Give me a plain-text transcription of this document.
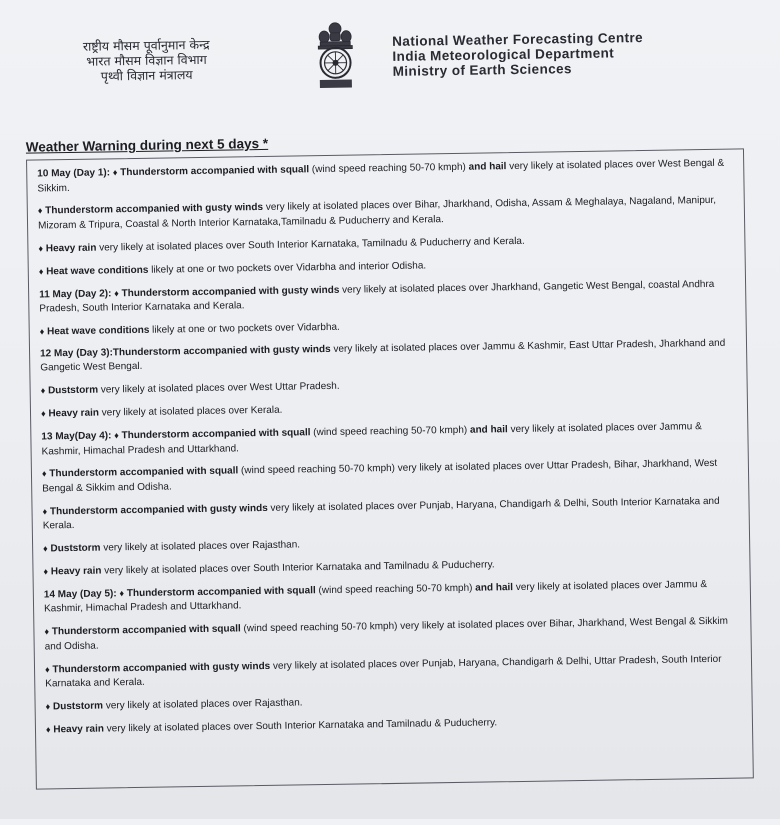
राष्ट्रीय मौसम पूर्वानुमान केन्द्र
भारत मौसम विज्ञान विभाग
पृथ्वी विज्ञान मंत्रालय
National Weather Forecasting Centre
India Meteorological Department
Ministry of Earth Sciences
Weather Warning during next 5 days *

10 May (Day 1): ♦ Thunderstorm accompanied with squall (wind speed reaching 50-70 kmph) and hail very likely at isolated places over West Bengal & Sikkim.

♦ Thunderstorm accompanied with gusty winds very likely at isolated places over Bihar, Jharkhand, Odisha, Assam & Meghalaya, Nagaland, Manipur, Mizoram & Tripura, Coastal & North Interior Karnataka,Tamilnadu & Puducherry and Kerala.

♦ Heavy rain very likely at isolated places over South Interior Karnataka, Tamilnadu & Puducherry and Kerala.

♦ Heat wave conditions likely at one or two pockets over Vidarbha and interior Odisha.

11 May (Day 2): ♦ Thunderstorm accompanied with gusty winds very likely at isolated places over Jharkhand, Gangetic West Bengal, coastal Andhra Pradesh, South Interior Karnataka and Kerala.

♦ Heat wave conditions likely at one or two pockets over Vidarbha.

12 May (Day 3):Thunderstorm accompanied with gusty winds very likely at isolated places over Jammu & Kashmir, East Uttar Pradesh, Jharkhand and Gangetic West Bengal.

♦ Duststorm very likely at isolated places over West Uttar Pradesh.

♦ Heavy rain very likely at isolated places over Kerala.

13 May(Day 4): ♦ Thunderstorm accompanied with squall (wind speed reaching 50-70 kmph) and hail very likely at isolated places over Jammu & Kashmir, Himachal Pradesh and Uttarkhand.

♦ Thunderstorm accompanied with squall (wind speed reaching 50-70 kmph) very likely at isolated places over Uttar Pradesh, Bihar, Jharkhand, West Bengal & Sikkim and Odisha.

♦ Thunderstorm accompanied with gusty winds very likely at isolated places over Punjab, Haryana, Chandigarh & Delhi, South Interior Karnataka and Kerala.

♦ Duststorm very likely at isolated places over Rajasthan.

♦ Heavy rain very likely at isolated places over South Interior Karnataka and Tamilnadu & Puducherry.

14 May (Day 5): ♦ Thunderstorm accompanied with squall (wind speed reaching 50-70 kmph) and hail very likely at isolated places over Jammu & Kashmir, Himachal Pradesh and Uttarkhand.

♦ Thunderstorm accompanied with squall (wind speed reaching 50-70 kmph) very likely at isolated places over Bihar, Jharkhand, West Bengal & Sikkim and Odisha.

♦ Thunderstorm accompanied with gusty winds very likely at isolated places over Punjab, Haryana, Chandigarh & Delhi, Uttar Pradesh, South Interior Karnataka and Kerala.

♦ Duststorm very likely at isolated places over Rajasthan.

♦ Heavy rain very likely at isolated places over South Interior Karnataka and Tamilnadu & Puducherry.
